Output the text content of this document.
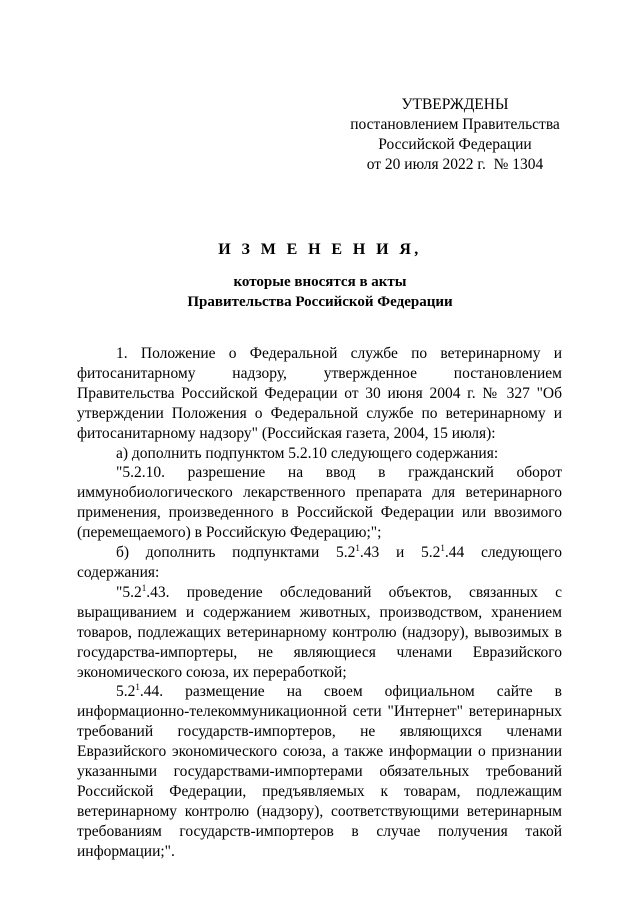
УТВЕРЖДЕНЫ
постановлением Правительства
Российской Федерации
от 20 июля 2022 г.  № 1304
И З М Е Н Е Н И Я,
которые вносятся в акты
Правительства Российской Федерации

1. Положение о Федеральной службе по ветеринарному и фитосанитарному надзору, утвержденное постановлением Правительства Российской Федерации от 30 июня 2004 г. № 327 "Об утверждении Положения о Федеральной службе по ветеринарному и фитосанитарному надзору" (Российская газета, 2004, 15 июля):

а) дополнить подпунктом 5.2.10 следующего содержания:

"5.2.10. разрешение на ввод в гражданский оборот иммунобиологического лекарственного препарата для ветеринарного применения, произведенного в Российской Федерации или ввозимого (перемещаемого) в Российскую Федерацию;";

б) дополнить подпунктами $5.2^1.43$ и $5.2^1.44$ следующего содержания:

"$5.2^1.43$. проведение обследований объектов, связанных с выращиванием и содержанием животных, производством, хранением товаров, подлежащих ветеринарному контролю (надзору), вывозимых в государства-импортеры, не являющиеся членами Евразийского экономического союза, их переработкой;

$5.2^1.44$. размещение на своем официальном сайте в информационно-телекоммуникационной сети "Интернет" ветеринарных требований государств-импортеров, не являющихся членами Евразийского экономического союза, а также информации о признании указанными государствами-импортерами обязательных требований Российской Федерации, предъявляемых к товарам, подлежащим ветеринарному контролю (надзору), соответствующими ветеринарным требованиям государств-импортеров в случае получения такой информации;".
